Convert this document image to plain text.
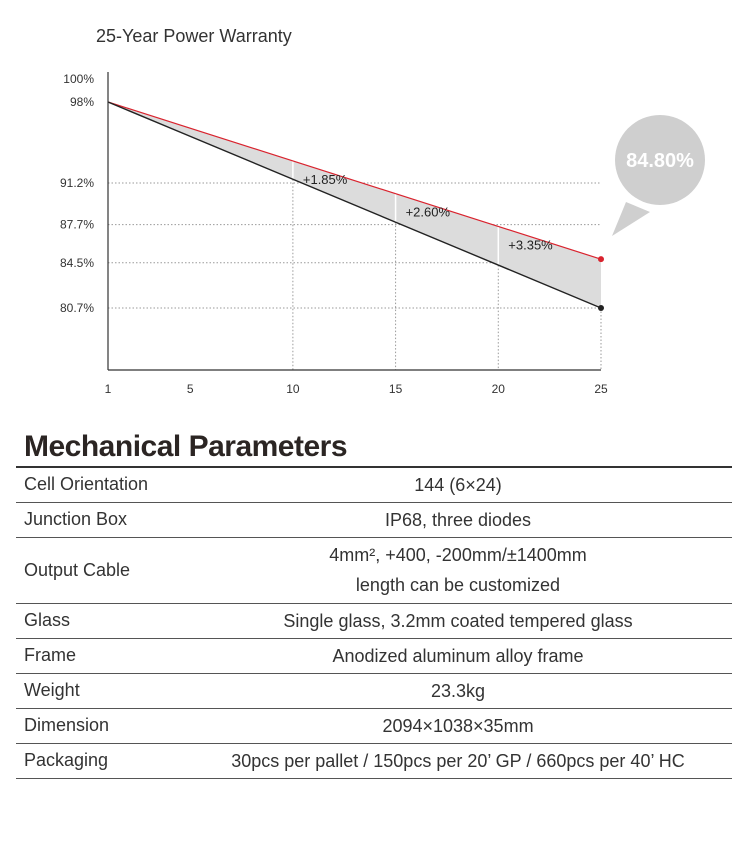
25-Year Power Warranty
100%
98%
91.2%
87.7%
84.5%
80.7%
1	5	10	15	20	25
+1.85%
+2.60%
+3.35%
84.80%
Mechanical Parameters
Cell Orientation	144 (6×24)
Junction Box	IP68, three diodes
Output Cable	4mm², +400, -200mm/±1400mm
length can be customized

Glass	Single glass, 3.2mm coated tempered glass
Frame	Anodized aluminum alloy frame
Weight	23.3kg
Dimension	2094×1038×35mm
Packaging	30pcs per pallet / 150pcs per 20’ GP / 660pcs per 40’ HC
